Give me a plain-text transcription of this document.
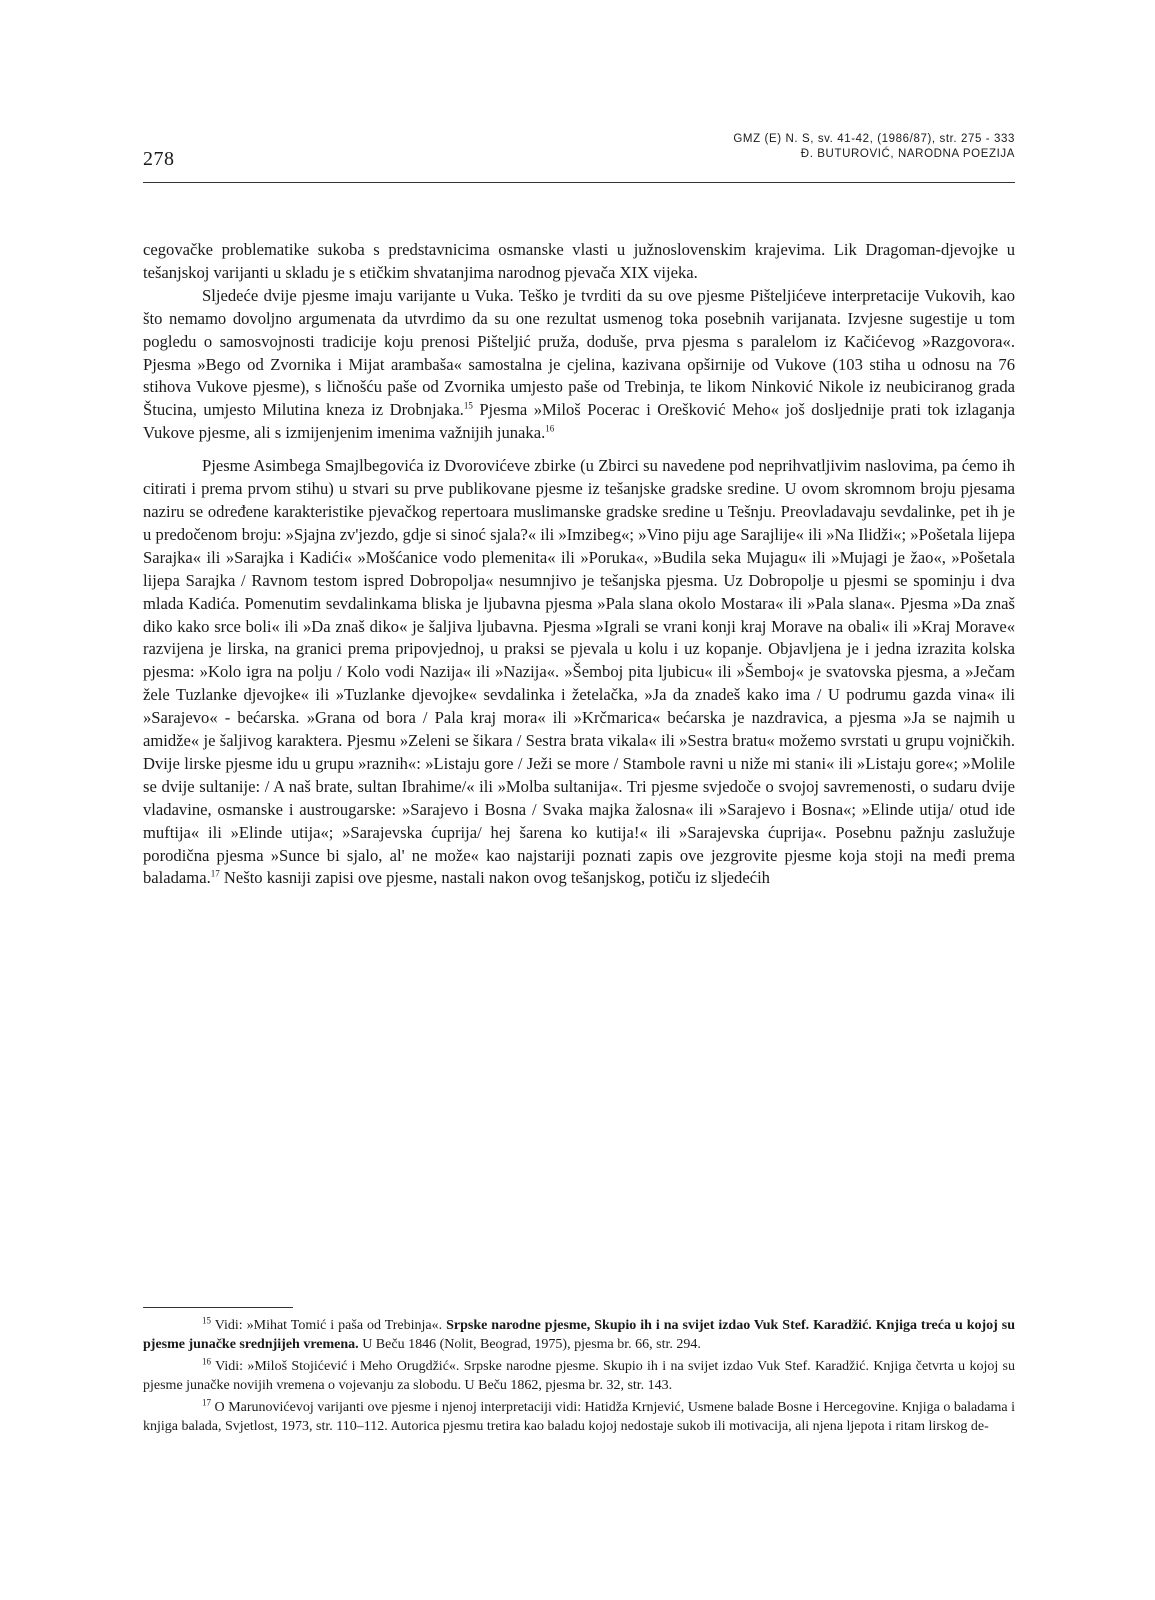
278
GMZ (E) N. S, sv. 41-42, (1986/87), str. 275 - 333
Đ. BUTUROVIĆ, NARODNA POEZIJA

cegovačke problematike sukoba s predstavnicima osmanske vlasti u južnoslovenskim krajevima. Lik Dragoman-djevojke u tešanjskoj varijanti u skladu je s etičkim shvatanjima narodnog pjevača XIX vijeka.

Sljedeće dvije pjesme imaju varijante u Vuka. Teško je tvrditi da su ove pjesme Pišteljićeve interpretacije Vukovih, kao što nemamo dovoljno argumenata da utvrdimo da su one rezultat usmenog toka posebnih varijanata. Izvjesne sugestije u tom pogledu o samosvojnosti tradicije koju prenosi Pišteljić pruža, doduše, prva pjesma s paralelom iz Kačićevog »Razgovora«. Pjesma »Bego od Zvornika i Mijat arambaša« samostalna je cjelina, kazivana opširnije od Vukove (103 stiha u odnosu na 76 stihova Vukove pjesme), s ličnošću paše od Zvornika umjesto paše od Trebinja, te likom Ninković Nikole iz neubiciranog grada Štucina, umjesto Milutina kneza iz Drobnjaka.$^{15}$ Pjesma »Miloš Pocerac i Orešković Meho« još dosljednije prati tok izlaganja Vukove pjesme, ali s izmijenjenim imenima važnijih junaka.$^{16}$

Pjesme Asimbega Smajlbegovića iz Dvorovićeve zbirke (u Zbirci su navedene pod neprihvatljivim naslovima, pa ćemo ih citirati i prema prvom stihu) u stvari su prve publikovane pjesme iz tešanjske gradske sredine. U ovom skromnom broju pjesama naziru se određene karakteristike pjevačkog repertoara muslimanske gradske sredine u Tešnju. Preovladavaju sevdalinke, pet ih je u predočenom broju: »Sjajna zv'jezdo, gdje si sinoć sjala?« ili »Imzibeg«; »Vino piju age Sarajlije« ili »Na Ilidži«; »Pošetala lijepa Sarajka« ili »Sarajka i Kadići« »Mošćanice vodo plemenita« ili »Poruka«, »Budila seka Mujagu« ili »Mujagi je žao«, »Pošetala lijepa Sarajka / Ravnom testom ispred Dobropolja« nesumnjivo je tešanjska pjesma. Uz Dobropolje u pjesmi se spominju i dva mlada Kadića. Pomenutim sevdalinkama bliska je ljubavna pjesma »Pala slana okolo Mostara« ili »Pala slana«. Pjesma »Da znaš diko kako srce boli« ili »Da znaš diko« je šaljiva ljubavna. Pjesma »Igrali se vrani konji kraj Morave na obali« ili »Kraj Morave« razvijena je lirska, na granici prema pripovjednoj, u praksi se pjevala u kolu i uz kopanje. Objavljena je i jedna izrazita kolska pjesma: »Kolo igra na polju / Kolo vodi Nazija« ili »Nazija«. »Šemboj pita ljubicu« ili »Šemboj« je svatovska pjesma, a »Ječam žele Tuzlanke djevojke« ili »Tuzlanke djevojke« sevdalinka i žetelačka, »Ja da znadeš kako ima / U podrumu gazda vina« ili »Sarajevo« - bećarska. »Grana od bora / Pala kraj mora« ili »Krčmarica« bećarska je nazdravica, a pjesma »Ja se najmih u amidže« je šaljivog karaktera. Pjesmu »Zeleni se šikara / Sestra brata vikala« ili »Sestra bratu« možemo svrstati u grupu vojničkih. Dvije lirske pjesme idu u grupu »raznih«: »Listaju gore / Ježi se more / Stambole ravni u niže mi stani« ili »Listaju gore«; »Molile se dvije sultanije: / A naš brate, sultan Ibrahime/« ili »Molba sultanija«. Tri pjesme svjedoče o svojoj savremenosti, o sudaru dvije vladavine, osmanske i austrougarske: »Sarajevo i Bosna / Svaka majka žalosna« ili »Sarajevo i Bosna«; »Elinde utija/ otud ide muftija« ili »Elinde utija«; »Sarajevska ćuprija/ hej šarena ko kutija!« ili »Sarajevska ćuprija«. Posebnu pažnju zaslužuje porodična pjesma »Sunce bi sjalo, al' ne može« kao najstariji poznati zapis ove jezgrovite pjesme koja stoji na međi prema baladama.$^{17}$ Nešto kasniji zapisi ove pjesme, nastali nakon ovog tešanjskog, potiču iz sljedećih

$^{15}$ Vidi: »Mihat Tomić i paša od Trebinja«. Srpske narodne pjesme, Skupio ih i na svijet izdao Vuk Stef. Karadžić. Knjiga treća u kojoj su pjesme junačke srednjijeh vremena. U Beču 1846 (Nolit, Beograd, 1975), pjesma br. 66, str. 294.

$^{16}$ Vidi: »Miloš Stojićević i Meho Orugdžić«. Srpske narodne pjesme. Skupio ih i na svijet izdao Vuk Stef. Karadžić. Knjiga četvrta u kojoj su pjesme junačke novijih vremena o vojevanju za slobodu. U Beču 1862, pjesma br. 32, str. 143.

$^{17}$ O Marunovićevoj varijanti ove pjesme i njenoj interpretaciji vidi: Hatidža Krnjević, Usmene balade Bosne i Hercegovine. Knjiga o baladama i knjiga balada, Svjetlost, 1973, str. 110–112. Autorica pjesmu tretira kao baladu kojoj nedostaje sukob ili motivacija, ali njena ljepota i ritam lirskog de-
